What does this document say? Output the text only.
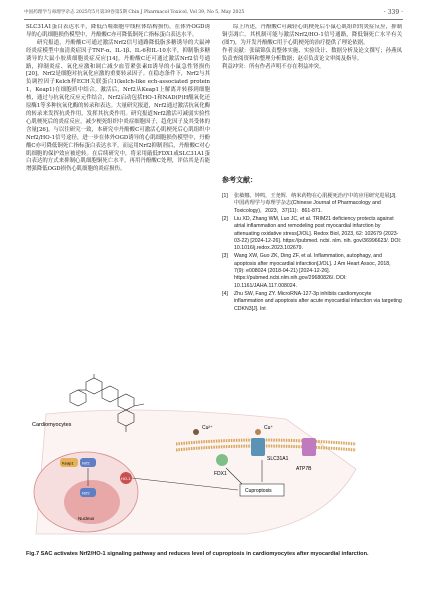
中国药理学与毒理学杂志 2025年5月第39卷第5期 Chin J Pharmacol Toxicol, Vol 39, No 5, May 2025	· 339 ·

SLC31A1蛋白表达水平，降低凸噬细胞中线粒体结构损伤。在体外OGD诱导的心肌细胞损伤模型中，丹酚酸C亦可降低铜死亡指标蛋白表达水平。

研究报道，丹酚酸C可通过激活Nrf2信号通路降低脂多糖诱导的大鼠神经炎症模型中血清炎症因子TNF-α、IL-1β、IL-6和IL-10水平，抑制脂多糖诱导的大鼠小胶质细胞炎症反应[14]。丹酚酸C还可通过激活Nrf2信号通路，抑制炎症、氧化应激和调亡减少血管紧张素II诱导的小鼠急性肾损伤[20]。Nrf2是细胞对抗氧化应激的重要转录因子。在稳态条件下，Nrf2与其负调控因子Kelch样ECH关联蛋白1(kelch-like ech-associated protein 1，Keap1)在细胞质中结合。激活后，Nrf2从Keap1上解离并转移到细胞核，通过与抗氧化反应元件结合，Nrf2启动包括HO-1和NAD(P)H醌氧化还原酶1等多种抗氧化酶的转录和表达。大量研究报道，Nrf2通过激活抗氧化酶的转录来发挥抗炎作用，发挥其抗炎作用。研究报道Nrf2激活可减弱实验性心肌梗死后的炎症反应，减少梗死组织中炎症细胞因子，趋化因子及其受体的含量[26]。与以往研究一致，本研究中丹酚酸C可激活心肌梗死后心肌组织中Nrf2/HO-1信号途径，进一步在体外OGD诱导的心肌细胞损伤模型中，丹酚酸C亦可降低铜死亡指标蛋白表达水平，而运用Nrf2抑制剂后，丹酚酸C对心肌细胞的保护效应被逆转。在后续研究中，将采用敲低FDX1或SLC31A1蛋白表达的方式来抑制心肌细胞铜死亡水平，再用丹酚酸C处理，评估其是否能增强降低OGD损伤心肌细胞的炎症损伤。

综上所述，丹酚酸C可减轻心肌梗死后小鼠心肌组织的炎症反应，抑制铜引凋亡。其机制可能与激活Nrf2/HO-1信号通路，降低铜死亡水平有关(图7)，为开发丹酚酸C用于心肌梗死的治疗提供了理论依据。

作者贡献：张瑞锦负责整体实施、实验设计、数据分析及论文撰写；孙燕凤负责查阅资料和整理分析数据；赵卓负责论文审阅及指导。

利益冲突：所有作者声明不存在利益冲突。

参考文献：
[1]	张敏娜，钟鸣，王尧辉．纳米药物在心肌梗死治疗中的应用研究进展[J]．中国药理学与毒理学杂志(Chinese Journal of Pharmacology and Toxicology)，2023，37(11)：861-871.
[2]	Liu XD, Zhang WM, Luo JC, et al. TRIM21 deficiency protects against atrial inflammation and remodeling post myocardial infarction by attenuating oxidative stress[J/OL]. Redox Biol, 2023, 62: 102679 (2023-03-22) [2024-12-26]. https://pubmed. ncbi. nlm. nih. gov/36996623/. DOI: 10.1016/j.redox.2023.102679.
[3]	Wang XW, Guo ZK, Ding ZF, et al. Inflammation, autophagy, and apoptosis after myocardial infarction[J/OL]. J Am Heart Assoc, 2018, 7(9): e008024 (2018-04-21) [2024-12-26]. https://pubmed.ncbi.nlm.nih.gov/29680826/. DOI: 10.1161/JAHA.117.008024.
[4]	Zhu SW, Fang ZY. MicroRNA-127-3p inhibits cardiomyocyte inflammation and apoptosis after acute myocardial infarction via targeting CDKN3[J]. Int
Cu²⁺	Cu⁺
SLC31A1
FDX1
ATP7B
Cuproptosis
Cardiomyocytes
Nucleus
Keap1 Nrf2
Nrf2
HO-1
Fig.7 SAC activates Nrf2/HO-1 signaling pathway and reduces level of cuproptosis in cardiomyocytes after myocardial infarction.
